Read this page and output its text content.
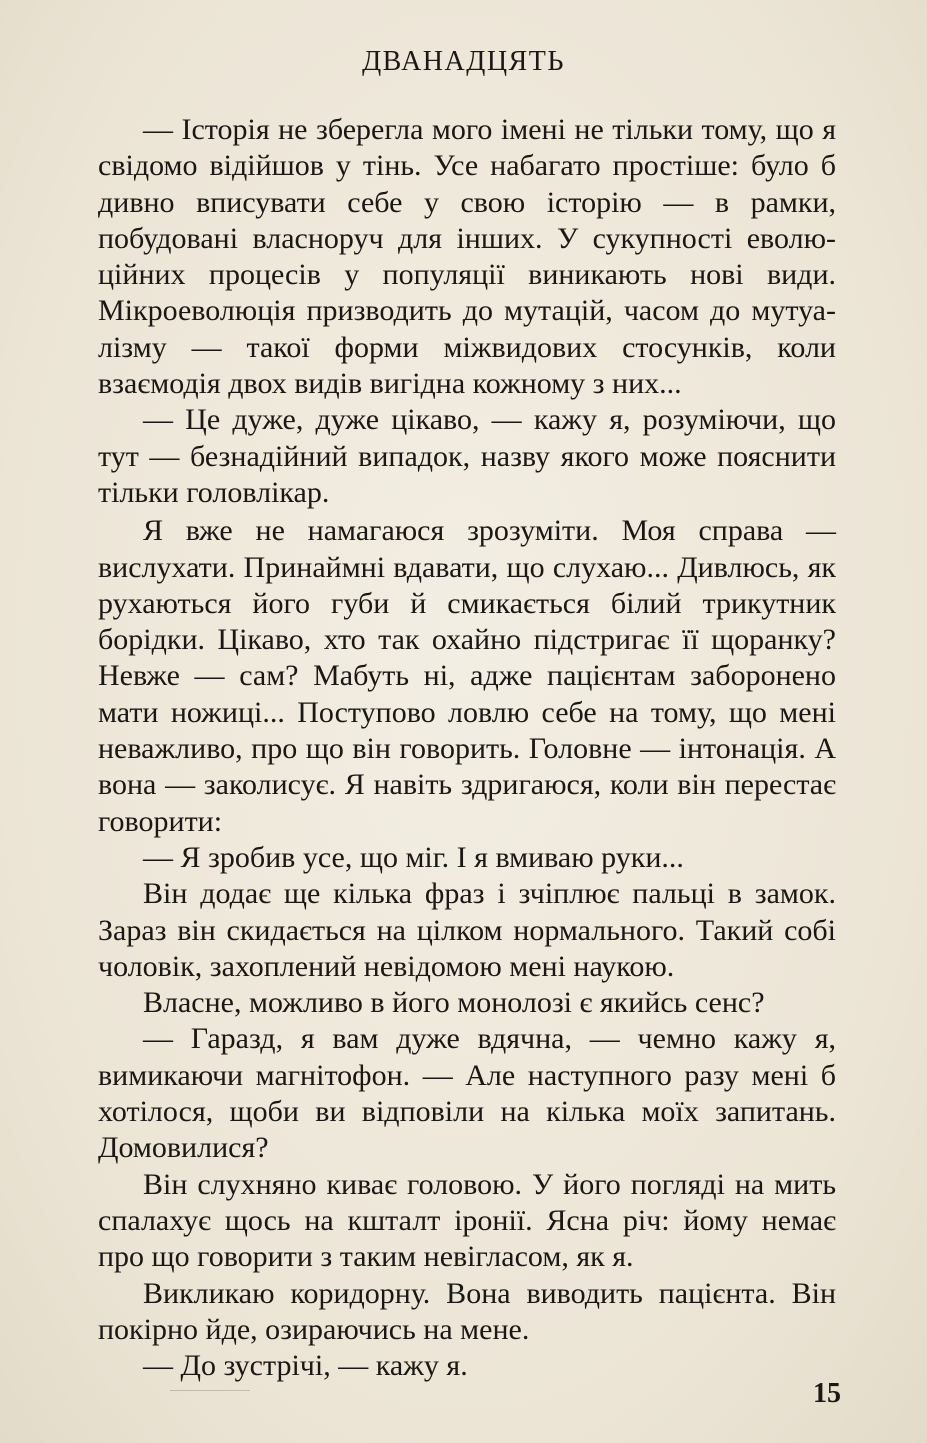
ДВАНАДЦЯТЬ

— Історія не зберегла мого імені не тільки тому, що я свідомо відійшов у тінь. Усе набагато простіше: було б дивно вписувати себе у свою історію — в рамки, побудовані власноруч для інших. У сукупності еволюційних процесів у популяції виникають нові види. Мікроеволюція призводить до мутацій, часом до мутуалізму — такої форми міжвидових стосунків, коли взаємодія двох видів вигідна кожному з них...

— Це дуже, дуже цікаво, — кажу я, розуміючи, що тут — безнадійний випадок, назву якого може пояснити тільки головлікар.

Я вже не намагаюся зрозуміти. Моя справа — вислухати. Принаймні вдавати, що слухаю... Дивлюсь, як рухаються його губи й смикається білий трикутник борідки. Цікаво, хто так охайно підстригає її щоранку? Невже — сам? Мабуть ні, адже пацієнтам заборонено мати ножиці... Поступово ловлю себе на тому, що мені неважливо, про що він говорить. Головне — інтонація. А вона — заколисує. Я навіть здригаюся, коли він перестає говорити:

— Я зробив усе, що міг. І я вмиваю руки...

Він додає ще кілька фраз і зчіплює пальці в замок. Зараз він скидається на цілком нормального. Такий собі чоловік, захоплений невідомою мені наукою.

Власне, можливо в його монолозі є якийсь сенс?

— Гаразд, я вам дуже вдячна, — чемно кажу я, вимикаючи магнітофон. — Але наступного разу мені б хотілося, щоби ви відповіли на кілька моїх запитань. Домовилися?

Він слухняно киває головою. У його погляді на мить спалахує щось на кшталт іронії. Ясна річ: йому немає про що говорити з таким невігласом, як я.

Викликаю коридорну. Вона виводить пацієнта. Він покірно йде, озираючись на мене.

— До зустрічі, — кажу я.

15
